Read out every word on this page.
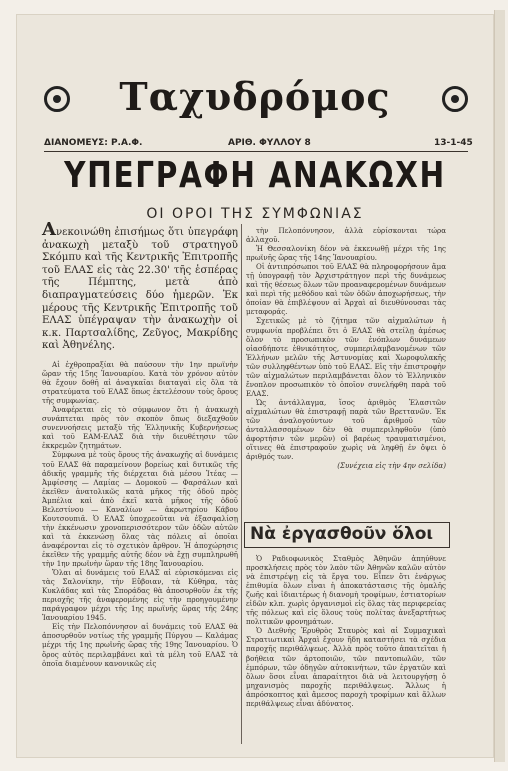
Ταχυδρόμος
ΔΙΑΝΟΜΕΥΣ: Ρ.Α.Φ.	ΑΡΙΘ. ΦΥΛΛΟΥ 8	13-1-45
ΥΠΕΓΡΑΦΗ ΑΝΑΚΩΧΗ
ΟΙ ΟΡΟΙ ΤΗΣ ΣΥΜΦΩΝΙΑΣ

Ανεκοινώθη ἐπισήμως ὅτι ὑπεγράφη ἀνακωχὴ μεταξὺ τοῦ στρατηγοῦ Σκόμπυ καὶ τῆς Κεντρικῆς Ἐπιτροπῆς τοῦ ΕΛΑΣ εἰς τὰς 22.30' τῆς ἑσπέρας τῆς Πέμπτης, μετὰ ἀπὸ διαπραγματεύσεις δύο ἡμερῶν. Ἐκ μέρους τῆς Κεντρικῆς Ἐπιτροπῆς τοῦ ΕΛΑΣ ὑπέγραψαν τὴν ἀνακωχὴν οἱ κ.κ. Παρτσαλίδης, Ζεῦγος, Μακρίδης καὶ Ἀθηνέλης.

Αἱ ἐχθροπραξίαι θὰ παύσουν τὴν 1ην πρωϊνὴν ὥραν τῆς 15ης Ἰανουαρίου. Κατὰ τὸν χρόνον αὐτὸν θὰ ἔχουν δοθῆ αἱ ἀναγκαῖαι διαταγαὶ εἰς ὅλα τὰ στρατεύματα τοῦ ΕΛΑΣ ὅπως ἐκτελέσουν τοὺς ὅρους τῆς συμφωνίας.

Ἀναφέρεται εἰς τὸ σύμφωνον ὅτι ἡ ἀνακωχὴ συνάπτεται πρὸς τὸν σκοπὸν ὅπως διεξαχθοῦν συνεννοήσεις μεταξὺ τῆς Ἑλληνικῆς Κυβερνήσεως καὶ τοῦ ΕΑΜ-ΕΛΑΣ διὰ τὴν διευθέτησιν τῶν ἐκκρεμῶν ζητημάτων.

Σύμφωνα μὲ τοὺς ὅρους τῆς ἀνακωχῆς αἱ δυνάμεις τοῦ ΕΛΑΣ θὰ παραμείνουν βορείως καὶ δυτικῶς τῆς ἀδικῆς γραμμῆς τῆς διέρχεται διὰ μέσου Ἰτέας — Ἀμφίσσης — Λαμίας — Δομοκοῦ — Φαρσάλων καὶ ἐκεῖθεν ἀνατολικῶς κατὰ μῆκος τῆς ὁδοῦ πρὸς Ἀμπέλια καὶ ἀπὸ ἐκεῖ κατὰ μῆκος τῆς ὁδοῦ Βελεστίνου — Καναλίων — ἀκρωτηρίου Κάβου Κουτσουπιᾶ. Ὁ ΕΛΑΣ ὑποχρεοῦται νὰ ἐξασφαλίσῃ τὴν ἐκκένωσιν χρονοπερισσότερον τῶν ὁδῶν αὐτῶν καὶ τὰ ἐκκενώσῃ ὅλας τὰς πόλεις αἱ ὁποῖαι ἀναφέρονται εἰς τὸ σχετικὸν ἄρθρον. Ἡ ἀποχώρησις ἐκεῖθεν τῆς γραμμῆς αὐτῆς δέον νὰ ἔχῃ συμπληρωθῆ τὴν 1ην πρωϊνὴν ὥραν τῆς 18ης Ἰανουαρίου.

Ὅλαι αἱ δυνάμεις τοῦ ΕΛΑΣ αἱ εὑρισκόμεναι εἰς τὰς Σαλονίκην, τὴν Εὔβοιαν, τὰ Κύθηρα, τὰς Κυκλάδας καὶ τὰς Σποράδας θὰ ἀποσυρθοῦν ἐκ τῆς περιοχῆς τῆς ἀναφερομένης εἰς τὴν προηγουμένην παράγραφον μέχρι τῆς 1ης πρωϊνῆς ὥρας τῆς 24ης Ἰανουαρίου 1945.

Εἰς τὴν Πελοπόννησον αἱ δυνάμεις τοῦ ΕΛΑΣ θὰ ἀποσυρθοῦν νοτίως τῆς γραμμῆς Πύργου — Καλάμας μέχρι τῆς 1ης πρωϊνῆς ὥρας τῆς 19ης Ἰανουαρίου. Ὁ ὅρος αὐτὸς περιλαμβάνει καὶ τὰ μέλη τοῦ ΕΛΑΣ τὰ ὁποῖα διαμένουν κανονικῶς εἰς

τὴν Πελοπόννησον, ἀλλὰ εὑρίσκονται τώρα ἀλλαχοῦ.

Ἡ Θεσσαλονίκη δέον νὰ ἐκκενωθῇ μέχρι τῆς 1ης πρωϊνῆς ὥρας τῆς 14ης Ἰανουαρίου.

Οἱ ἀντιπρόσωποι τοῦ ΕΛΑΣ θὰ πληροφορήσουν ἅμα τῇ ὑπογραφῇ τὸν Ἀρχιστράτηγον περὶ τῆς δυνάμεως καὶ τῆς θέσεως ὅλων τῶν προαναφερομένων δυνάμεων καὶ περὶ τῆς μεθόδου καὶ τῶν ὁδῶν ἀποχωρήσεως, τὴν ὁποίαν θὰ ἐπιβλέψουν αἱ Ἀρχαὶ αἱ διευθύνουσαι τὰς μεταφοράς.

Σχετικῶς μὲ τὸ ζήτημα τῶν αἰχμαλώτων ἡ συμφωνία προβλέπει ὅτι ὁ ΕΛΑΣ θὰ στείλῃ ἀμέσως ὅλον τὸ προσωπικὸν τῶν ἐνόπλων δυνάμεων οἱασδήποτε ἐθνικότητος, συμπεριλαμβανομένων τῶν Ἑλλήνων μελῶν τῆς Ἀστυνομίας καὶ Χωροφυλακῆς τῶν συλληφθέντων ὑπὸ τοῦ ΕΛΑΣ. Εἰς τὴν ἐπιστροφὴν τῶν αἰχμαλώτων περιλαμβάνεται ὅλον τὸ Ἑλληνικὸν ἔνοπλον προσωπικὸν τὸ ὁποῖον συνελήφθη παρὰ τοῦ ΕΛΑΣ.

Ὡς ἀντάλλαγμα, ἴσος ἀριθμὸς Ἐλασιτῶν αἰχμαλώτων θὰ ἐπιστραφῇ παρὰ τῶν Βρεττανῶν. Ἐκ τῶν ἀναλογούντων τοῦ ἀριθμοῦ τῶν ἀνταλλασσομένων δὲν θὰ συμπεριληφθοῦν (ὑπὸ ἀφορτήσιν τῶν μερῶν) οἱ βαρέως τραυματισμένοι, οἵτινες θὰ ἐπιστραφοῦν χωρὶς νὰ ληφθῇ ἐν ὄψει ὁ ἀριθμός των.

(Συνέχεια εἰς τὴν 4ην σελίδα)

Νὰ ἐργασθοῦν ὅλοι

Ὁ Ραδιοφωνικὸς Σταθμὸς Ἀθηνῶν ἀπηύθυνε προσκλήσεις πρὸς τὸν λαὸν τῶν Ἀθηνῶν καλῶν αὐτὸν νὰ ἐπιστρέψῃ εἰς τὰ ἔργα του. Εἶπεν ὅτι ἐνάργως ἐπιθυμία ὅλων εἶναι ἡ ἀποκατάστασις τῆς ὁμαλῆς ζωῆς καὶ ἰδιαιτέρως ἡ διανομὴ τροφίμων, ἐστιατορίων εἰδῶν κλπ. χωρὶς ὀργανισμοὶ εἰς ὅλας τὰς περιφερείας τῆς πόλεως καὶ εἰς ὅλους τοὺς πολίτας ἀνεξαρτήτως πολιτικῶν φρονημάτων.

Ὁ Διεθνὴς Ἐρυθρὸς Σταυρὸς καὶ αἱ Συμμαχικαὶ Στρατιωτικαὶ Ἀρχαὶ ἔχουν ἤδη καταστήσει τὰ σχέδια παροχῆς περιθάλψεως. Ἀλλὰ πρὸς τοῦτο ἀπαιτεῖται ἡ βοήθεια τῶν ἀρτοποιῶν, τῶν παντοπωλῶν, τῶν ἐμπόρων, τῶν ὁδηγῶν αὐτοκινήτων, τῶν ἐργατῶν καὶ ὅλων ὅσοι εἶναι ἀπαραίτητοι διὰ νὰ λειτουργήσῃ ὁ μηχανισμὸς παροχῆς περιθάλψεως. Ἄλλως ἡ ἀπρόσκοπτος καὶ ἄμεσος παροχὴ τροφίμων καὶ ἄλλων περιθάλψεως εἶναι ἀδύνατος.
